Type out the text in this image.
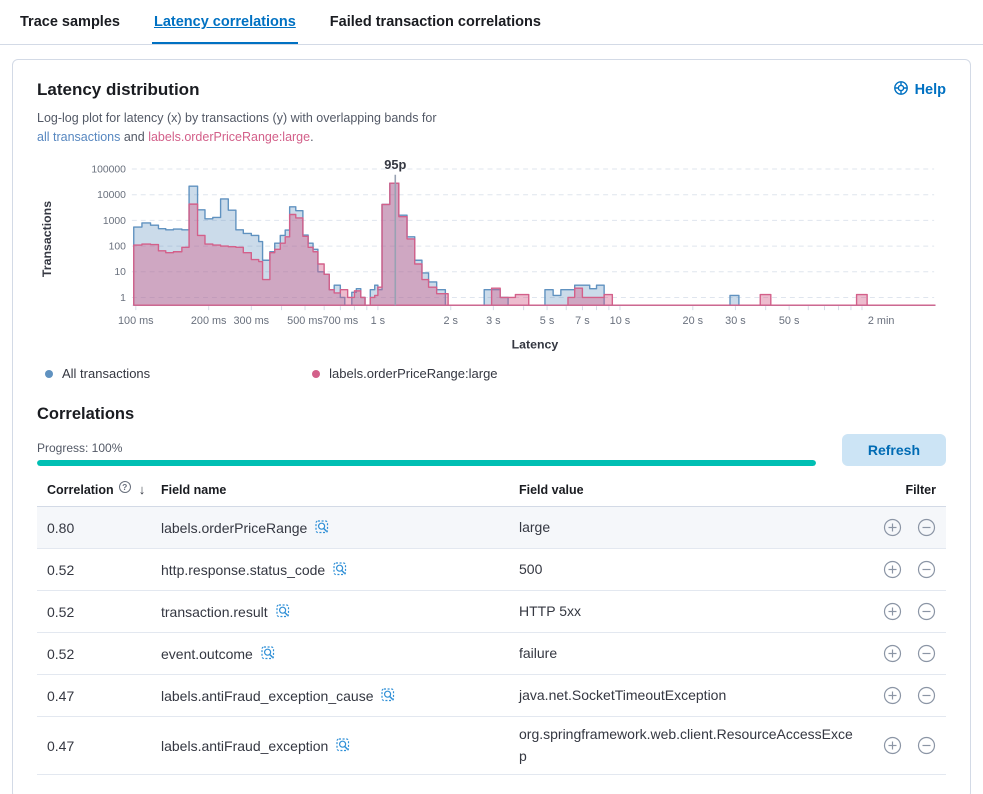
Trace samples Latency correlations Failed transaction correlations
Latency distribution	Help

Log-log plot for latency (x) by transactions (y) with overlapping bands for
all transactions and labels.orderPriceRange:large.

1
10
100
1000
10000
100000	95p
100 ms	200 ms 300 ms 500 ms 700 ms 1 s	2 s	3 s	5 s 7 s 10 s	20 s 30 s	50 s	2 min
Latency
Transactions
All transactions	labels.orderPriceRange:large
Correlations
Progress: 100%	Refresh
Correlation ? ↓ Field name	Field value	Filter
0.80	labels.orderPriceRange	large
0.52	http.response.status_code	500
0.52	transaction.result	HTTP 5xx
0.52	event.outcome	failure
0.47	labels.antiFraud_exception_cause	java.net.SocketTimeoutException
0.47	labels.antiFraud_exception
org.springframework.web.client.ResourceAccessExcep
